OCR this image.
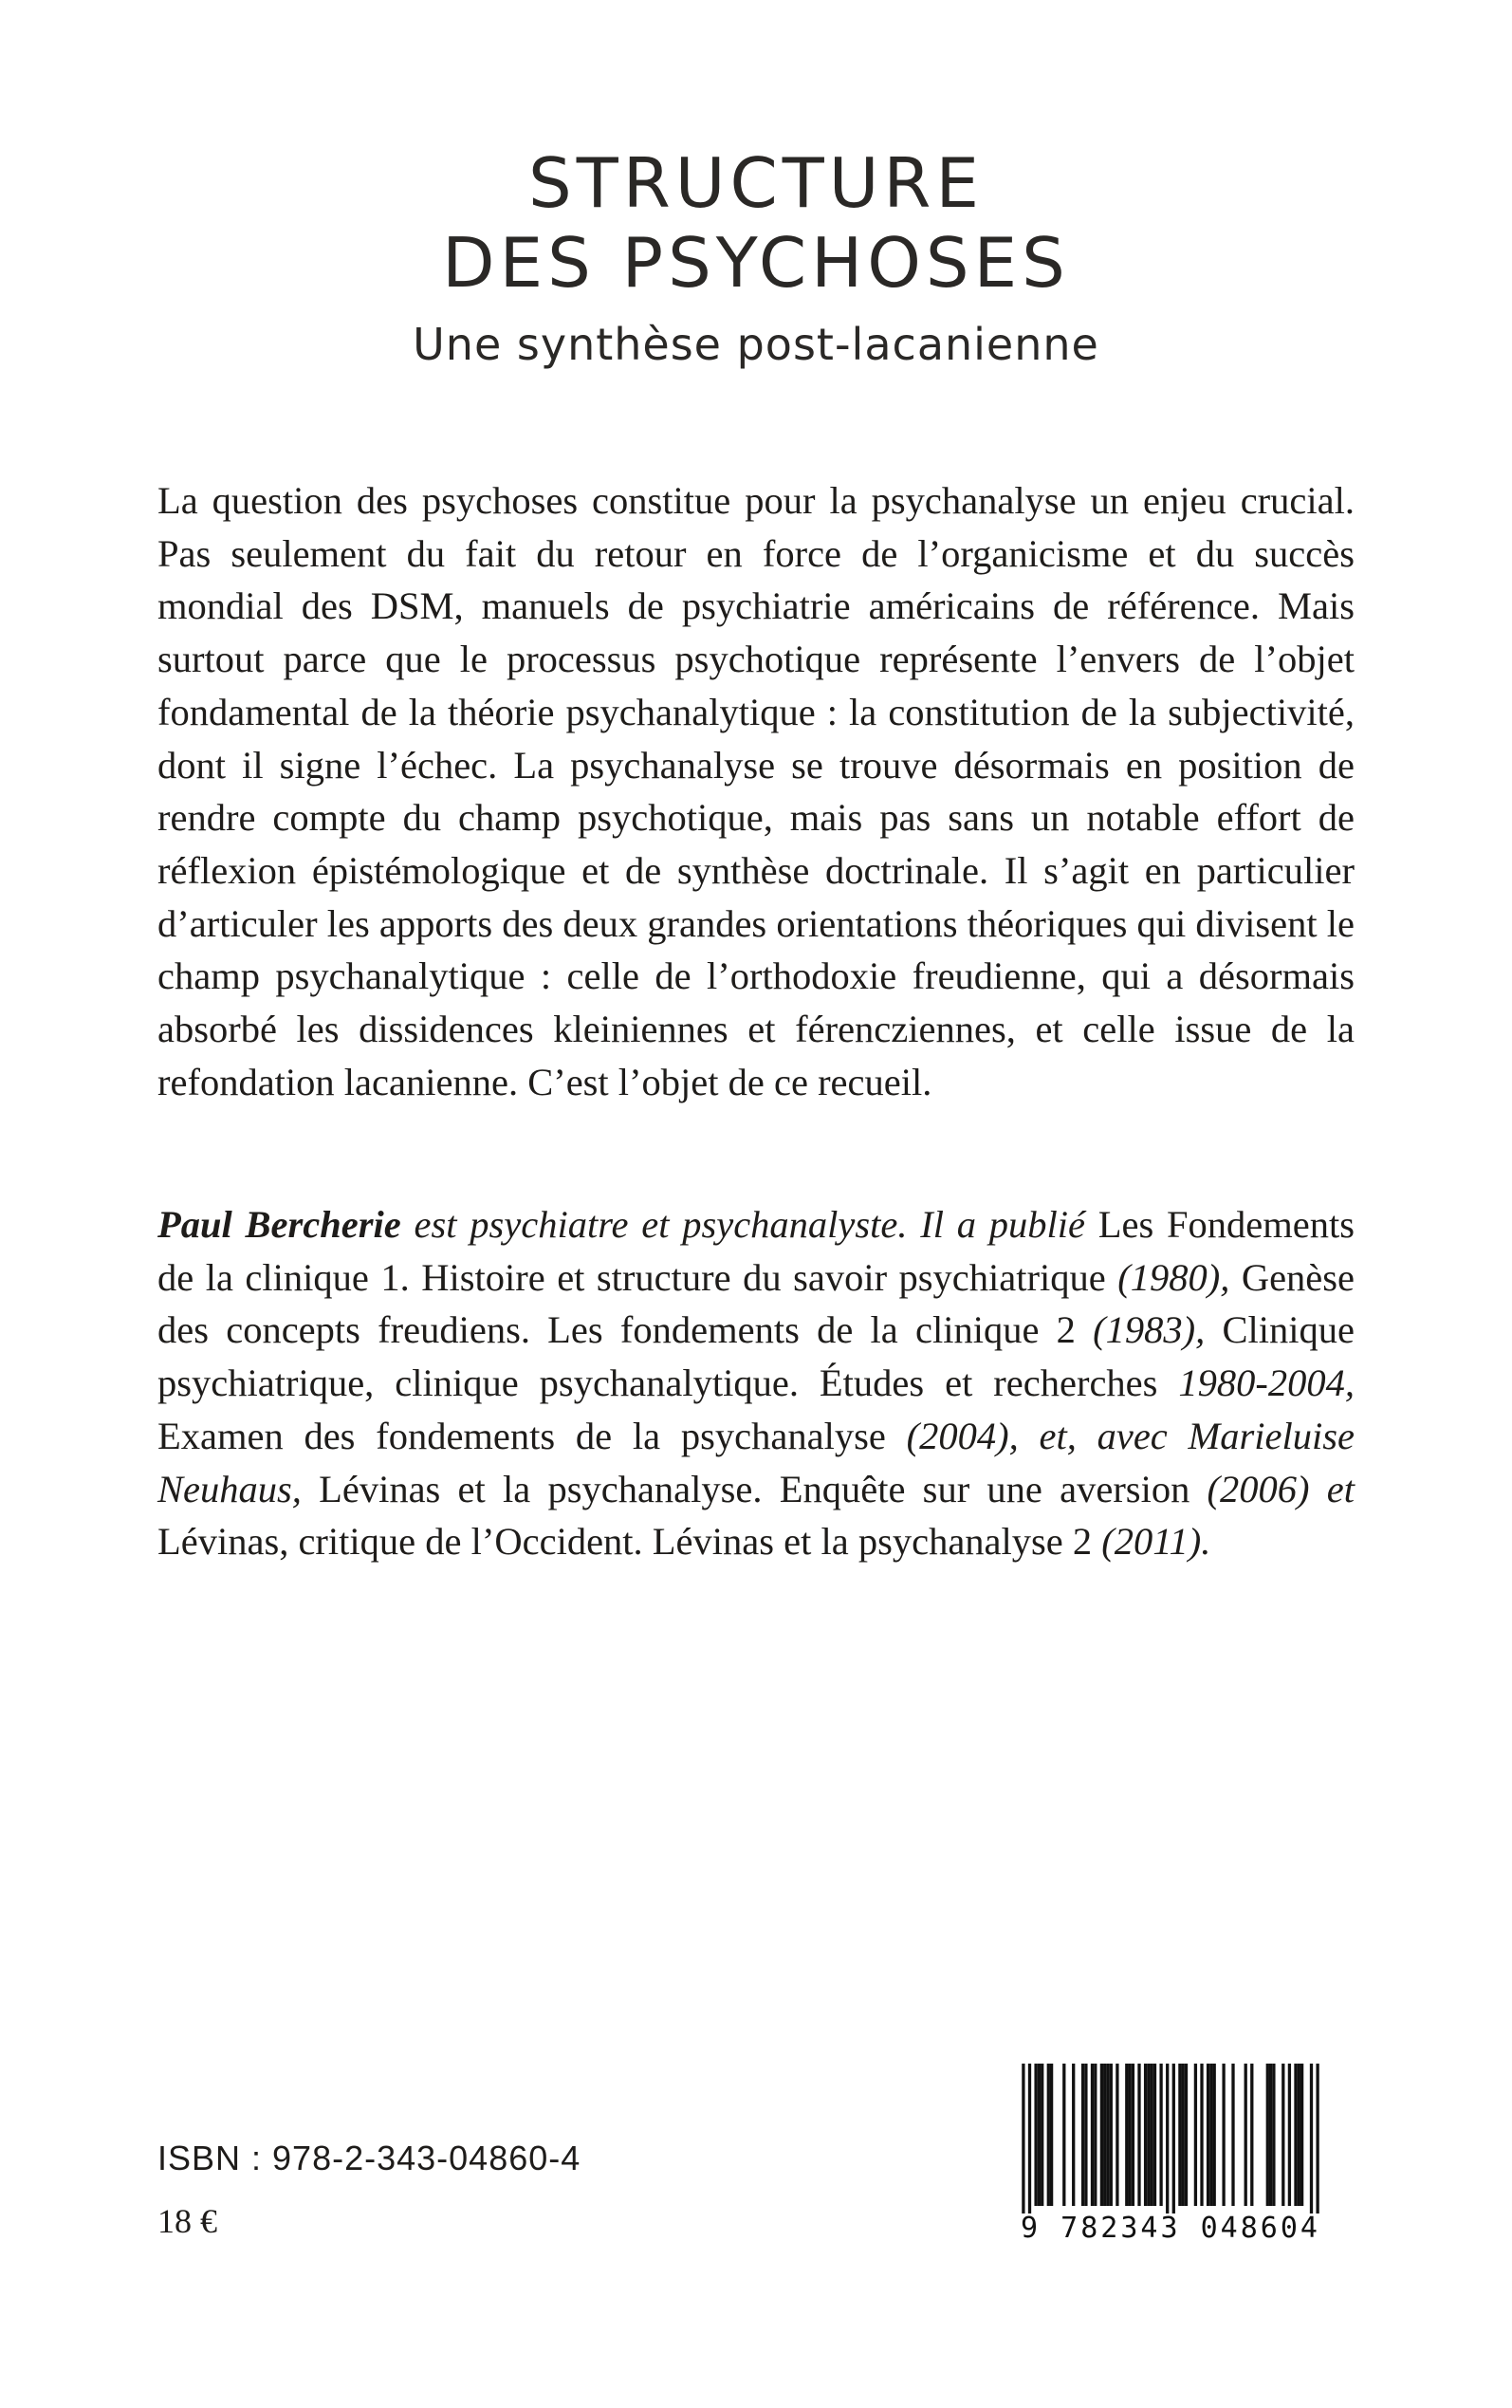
STRUCTURE
DES PSYCHOSES
Une synthèse post-lacanienne

La question des psychoses constitue pour la psychanalyse un enjeu crucial. Pas seulement du fait du retour en force de l’organicisme et du succès mondial des DSM, manuels de psychiatrie américains de référence. Mais surtout parce que le processus psychotique représente l’envers de l’objet fondamental de la théorie psychanalytique : la constitution de la subjectivité, dont il signe l’échec. La psychanalyse se trouve désormais en position de rendre compte du champ psychotique, mais pas sans un notable effort de réflexion épistémologique et de synthèse doctrinale. Il s’agit en particulier d’articuler les apports des deux grandes orientations théoriques qui divisent le champ psychanalytique : celle de l’orthodoxie freudienne, qui a désormais absorbé les dissidences kleiniennes et férencziennes, et celle issue de la refondation lacanienne. C’est l’objet de ce recueil.

Paul Bercherie est psychiatre et psychanalyste. Il a publié Les Fondements de la clinique 1. Histoire et structure du savoir psychiatrique (1980), Genèse des concepts freudiens. Les fondements de la clinique 2 (1983), Clinique psychiatrique, clinique psychanalytique. Études et recherches 1980-2004, Examen des fondements de la psychanalyse (2004), et, avec Marieluise Neuhaus, Lévinas et la psychanalyse. Enquête sur une aversion (2006) et Lévinas, critique de l’Occident. Lévinas et la psychanalyse 2 (2011).

ISBN : 978-2-343-04860-4
18 €	9 782343 048604
